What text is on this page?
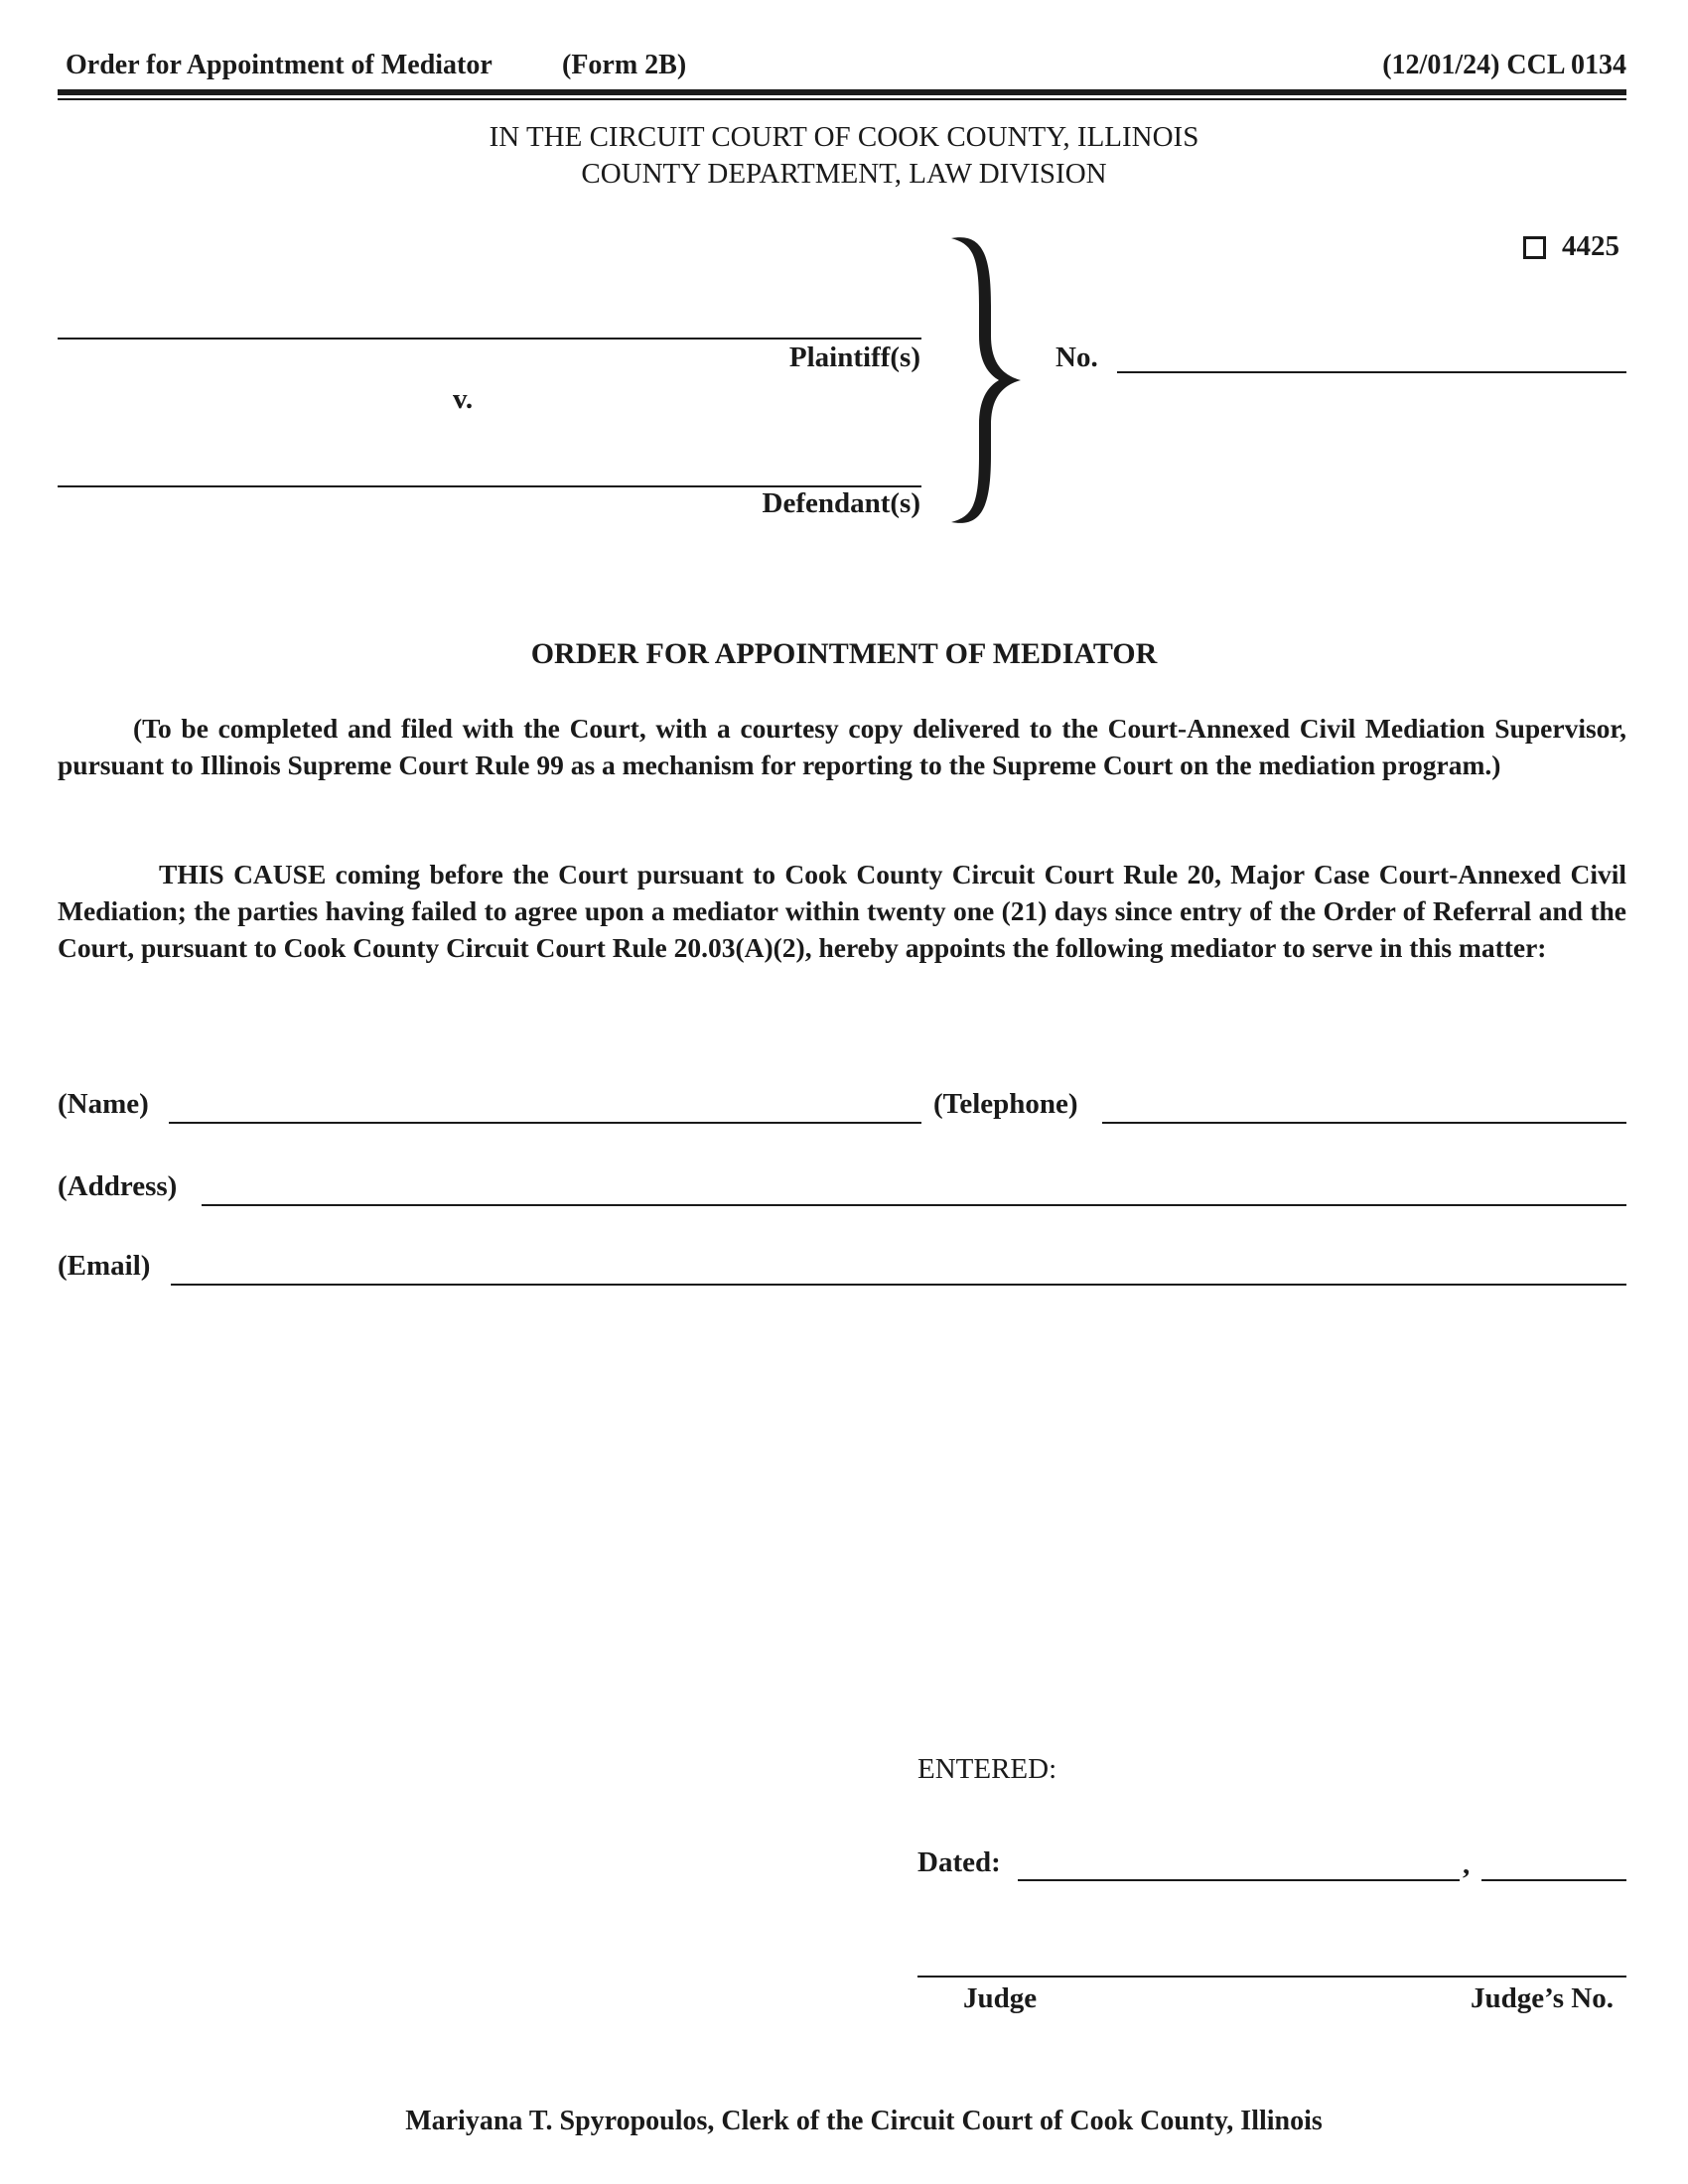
Order for Appointment of Mediator	(Form 2B)	(12/01/24) CCL 0134
IN THE CIRCUIT COURT OF COOK COUNTY, ILLINOIS
COUNTY DEPARTMENT, LAW DIVISION
4425
Plaintiff(s)
v.
Defendant(s)
No.
ORDER FOR APPOINTMENT OF MEDIATOR
(To be completed and filed with the Court, with a courtesy copy delivered to the Court-Annexed Civil Mediation Supervisor, pursuant to Illinois Supreme Court Rule 99 as a mechanism for reporting to the Supreme Court on the mediation program.)
THIS CAUSE coming before the Court pursuant to Cook County Circuit Court Rule 20, Major Case Court-Annexed Civil Mediation; the parties having failed to agree upon a mediator within twenty one (21) days since entry of the Order of Referral and the Court, pursuant to Cook County Circuit Court Rule 20.03(A)(2), hereby appoints the following mediator to serve in this matter:
(Name)	(Telephone)
(Address)
(Email)
ENTERED:
Dated:	,
Judge	Judge’s No.
Mariyana T. Spyropoulos, Clerk of the Circuit Court of Cook County, Illinois
